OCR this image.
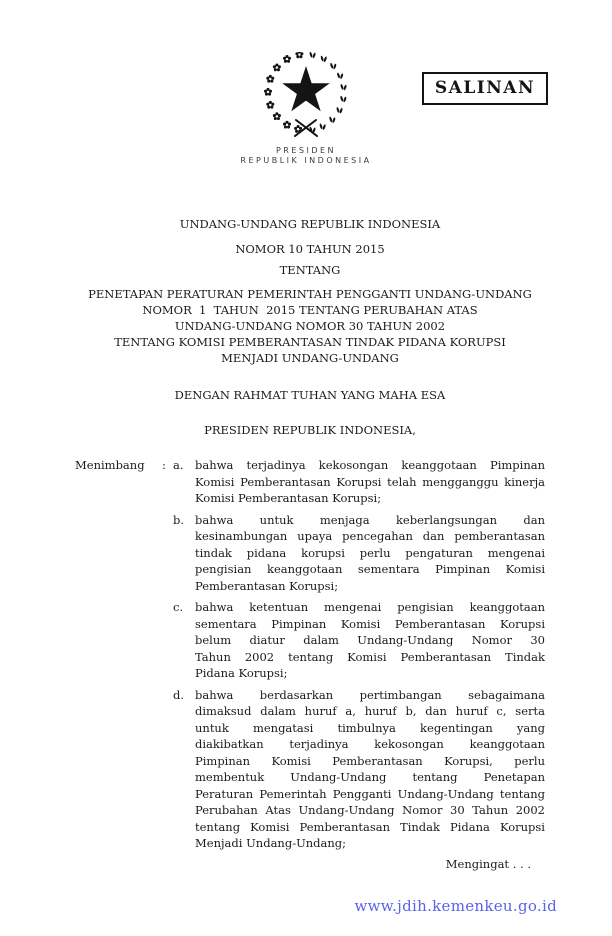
PRESIDEN
REPUBLIK INDONESIA
SALINAN
UNDANG-UNDANG REPUBLIK INDONESIA
NOMOR 10 TAHUN 2015
TENTANG
PENETAPAN PERATURAN PEMERINTAH PENGGANTI UNDANG-UNDANG
NOMOR  1  TAHUN  2015 TENTANG PERUBAHAN ATAS
UNDANG-UNDANG NOMOR 30 TAHUN 2002
TENTANG KOMISI PEMBERANTASAN TINDAK PIDANA KORUPSI
MENJADI UNDANG-UNDANG
DENGAN RAHMAT TUHAN YANG MAHA ESA
PRESIDEN REPUBLIK INDONESIA,
Menimbang	: a. bahwa terjadinya kekosongan keanggotaan Pimpinan
Komisi Pemberantasan Korupsi telah mengganggu kinerja
Komisi Pemberantasan Korupsi;
b. bahwa untuk menjaga keberlangsungan dan
kesinambungan upaya pencegahan dan pemberantasan
tindak pidana korupsi perlu pengaturan mengenai
pengisian keanggotaan sementara Pimpinan Komisi
Pemberantasan Korupsi;
c.	bahwa ketentuan mengenai pengisian keanggotaan
sementara Pimpinan Komisi Pemberantasan Korupsi
belum diatur dalam Undang-Undang Nomor 30
Tahun 2002 tentang Komisi Pemberantasan Tindak
Pidana Korupsi;
d. bahwa berdasarkan pertimbangan sebagaimana
dimaksud dalam huruf a, huruf b, dan huruf c, serta
untuk mengatasi timbulnya kegentingan yang
diakibatkan terjadinya kekosongan keanggotaan
Pimpinan Komisi Pemberantasan Korupsi, perlu
membentuk Undang-Undang tentang Penetapan
Peraturan Pemerintah Pengganti Undang-Undang tentang
Perubahan Atas Undang-Undang Nomor 30 Tahun 2002
tentang Komisi Pemberantasan Tindak Pidana Korupsi
Menjadi Undang-Undang;
Mengingat . . .
www.jdih.kemenkeu.go.id
